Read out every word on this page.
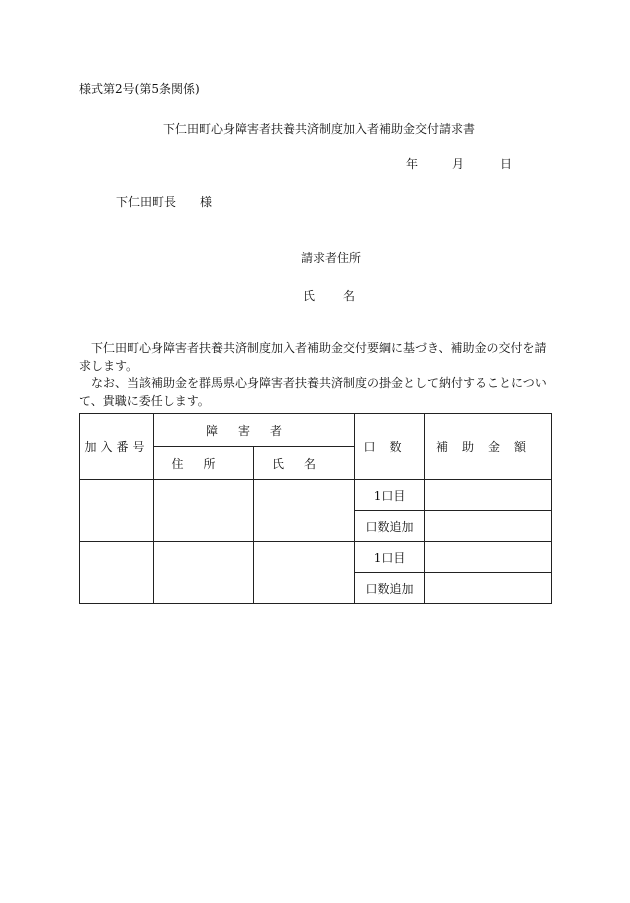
様式第2号(第5条関係)
下仁田町心身障害者扶養共済制度加入者補助金交付請求書
年	月	日
下仁田町長　　様
請求者住所
氏名
下仁田町心身障害者扶養共済制度加入者補助金交付要綱に基づき、補助金の交付を請求します。
なお、当該補助金を群馬県心身障害者扶養共済制度の掛金として納付することについて、貴職に委任します。
加入番号	障害者		口数	補助金額
	住所	氏名		
			1口目	
			口数追加	
			1口目	
			口数追加	
